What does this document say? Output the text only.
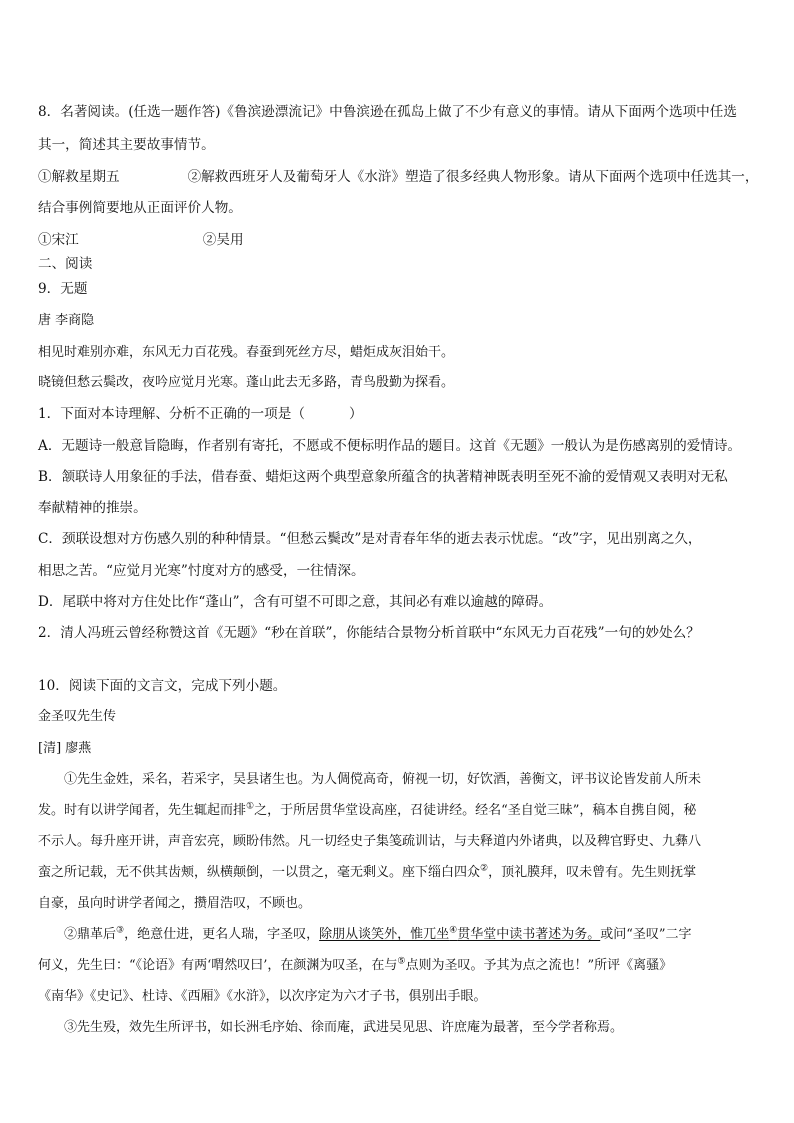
8．名著阅读。(任选一题作答)《鲁滨逊漂流记》中鲁滨逊在孤岛上做了不少有意义的事情。请从下面两个选项中任选
其一，简述其主要故事情节。
①解救星期五	②解救西班牙人及葡萄牙人《水浒》塑造了很多经典人物形象。请从下面两个选项中任选其一，
结合事例简要地从正面评价人物。
①宋江	②吴用
二、阅读
9．无题
唐 李商隐
相见时难别亦难，东风无力百花残。春蚕到死丝方尽，蜡炬成灰泪始干。
晓镜但愁云鬓改，夜吟应觉月光寒。蓬山此去无多路，青鸟殷勤为探看。
1．下面对本诗理解、分析不正确的一项是（	）
A．无题诗一般意旨隐晦，作者别有寄托，不愿或不便标明作品的题目。这首《无题》一般认为是伤感离别的爱情诗。
B．颔联诗人用象征的手法，借春蚕、蜡炬这两个典型意象所蕴含的执著精神既表明至死不渝的爱情观又表明对无私
奉献精神的推崇。
C．颈联设想对方伤感久别的种种情景。“但愁云鬓改”是对青春年华的逝去表示忧虑。“改”字，见出别离之久，
相思之苦。“应觉月光寒”忖度对方的感受，一往情深。
D．尾联中将对方住处比作“蓬山”，含有可望不可即之意，其间必有难以逾越的障碍。
2．清人冯班云曾经称赞这首《无题》“秒在首联”，你能结合景物分析首联中“东风无力百花残”一句的妙处么？
10．阅读下面的文言文，完成下列小题。
金圣叹先生传
[清] 廖燕
①先生金姓，采名，若采字，吴县诸生也。为人倜傥高奇，俯视一切，好饮酒，善衡文，评书议论皆发前人所未
发。时有以讲学闻者，先生辄起而排①之，于所居贯华堂设高座，召徒讲经。经名“圣自觉三昧”，稿本自携自阅，秘
不示人。每升座开讲，声音宏亮，顾盼伟然。凡一切经史子集笺疏训诂，与夫释道内外诸典，以及稗官野史、九彝八
蛮之所记载，无不供其齿颊，纵横颠倒，一以贯之，毫无剩义。座下缁白四众②，顶礼膜拜，叹未曾有。先生则抚掌
自豪，虽向时讲学者闻之，攒眉浩叹，不顾也。
②鼎革后③，绝意仕进，更名人瑞，字圣叹，除朋从谈笑外，惟兀坐④贯华堂中读书著述为务。或问“圣叹”二字
何义，先生曰：“《论语》有两‘喟然叹曰’，在颜渊为叹圣，在与⑤点则为圣叹。予其为点之流也！”所评《离骚》
《南华》《史记》、杜诗、《西厢》《水浒》，以次序定为六才子书，俱别出手眼。
③先生殁，效先生所评书，如长洲毛序始、徐而庵，武进吴见思、许庶庵为最著，至今学者称焉。
